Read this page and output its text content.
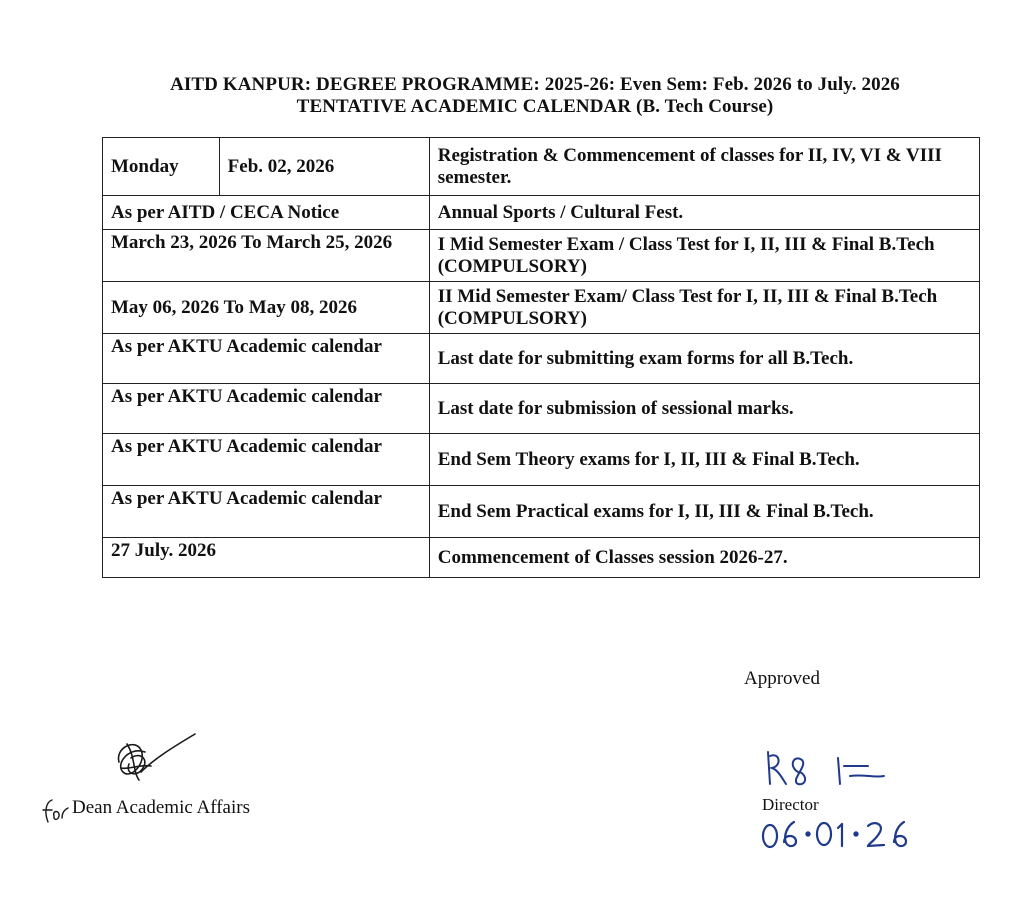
AITD KANPUR: DEGREE PROGRAMME: 2025-26: Even Sem: Feb. 2026 to July. 2026
TENTATIVE ACADEMIC CALENDAR (B. Tech Course)
Monday	Feb. 02, 2026	Registration & Commencement of classes for II, IV, VI & VIII semester.
As per AITD / CECA Notice		Annual Sports / Cultural Fest.
March 23, 2026 To March 25, 2026		I Mid Semester Exam / Class Test for I, II, III & Final B.Tech (COMPULSORY)
May 06, 2026 To May 08, 2026		II Mid Semester Exam/ Class Test for I, II, III & Final B.Tech (COMPULSORY)
As per AKTU Academic calendar		Last date for submitting exam forms for all B.Tech.
As per AKTU Academic calendar		Last date for submission of sessional marks.
As per AKTU Academic calendar		End Sem Theory exams for I, II, III & Final B.Tech.
As per AKTU Academic calendar		End Sem Practical exams for I, II, III & Final B.Tech.
27 July. 2026		Commencement of Classes session 2026-27.
Approved
Dean Academic Affairs	Director
